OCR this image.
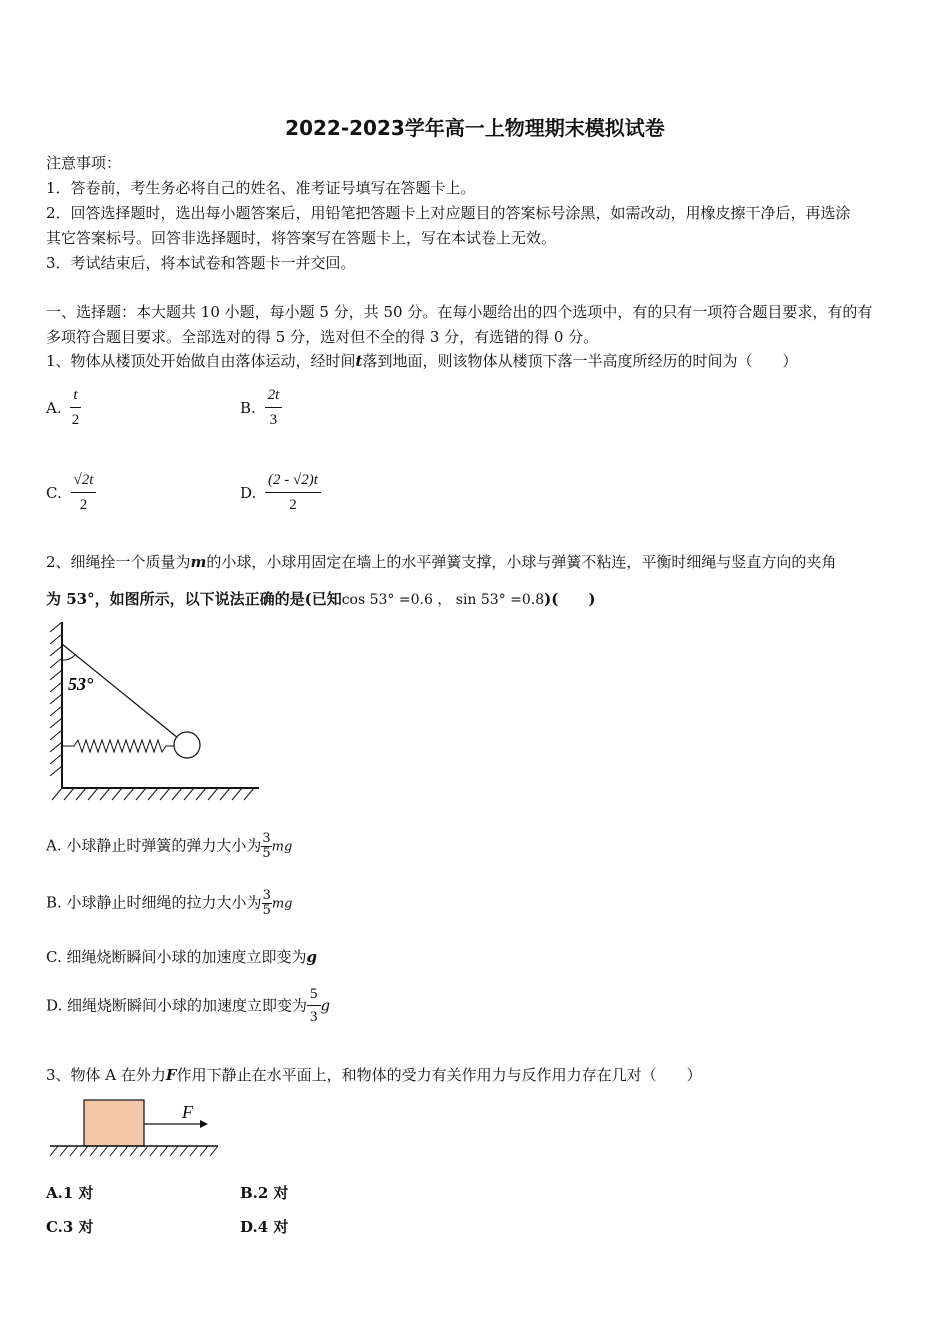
2022-2023学年高一上物理期末模拟试卷
注意事项：
1．答卷前，考生务必将自己的姓名、准考证号填写在答题卡上。
2．回答选择题时，选出每小题答案后，用铅笔把答题卡上对应题目的答案标号涂黑，如需改动，用橡皮擦干净后，再选涂
其它答案标号。回答非选择题时，将答案写在答题卡上，写在本试卷上无效。
3．考试结束后，将本试卷和答题卡一并交回。
一、选择题：本大题共 10 小题，每小题 5 分，共 50 分。在每小题给出的四个选项中，有的只有一项符合题目要求，有的有
多项符合题目要求。全部选对的得 5 分，选对但不全的得 3 分，有选错的得 0 分。
1、物体从楼顶处开始做自由落体运动，经时间t落到地面，则该物体从楼顶下落一半高度所经历的时间为（　　）
A. $\frac{t}{2}$	B. $\frac{2t}{3}$
C. $\frac{√2t}{2}$	D. $\frac{(2 - √2)t}{2}$
2、细绳拴一个质量为m的小球，小球用固定在墙上的水平弹簧支撑，小球与弹簧不粘连，平衡时细绳与竖直方向的夹角
为 53°，如图所示，以下说法正确的是(已知cos 53° =0.6 ， sin 53° =0.8)(　　)
53°
A. 小球静止时弹簧的弹力大小为 $\frac{3}{5}$ mg
B. 小球静止时细绳的拉力大小为 $\frac{3}{5}$ mg
C. 细绳烧断瞬间小球的加速度立即变为g
D. 细绳烧断瞬间小球的加速度立即变为 $\frac{5}{3}$ g
3、物体 A 在外力F作用下静止在水平面上，和物体的受力有关作用力与反作用力存在几对（　　）
F
A.1 对	B.2 对
C.3 对	D.4 对
